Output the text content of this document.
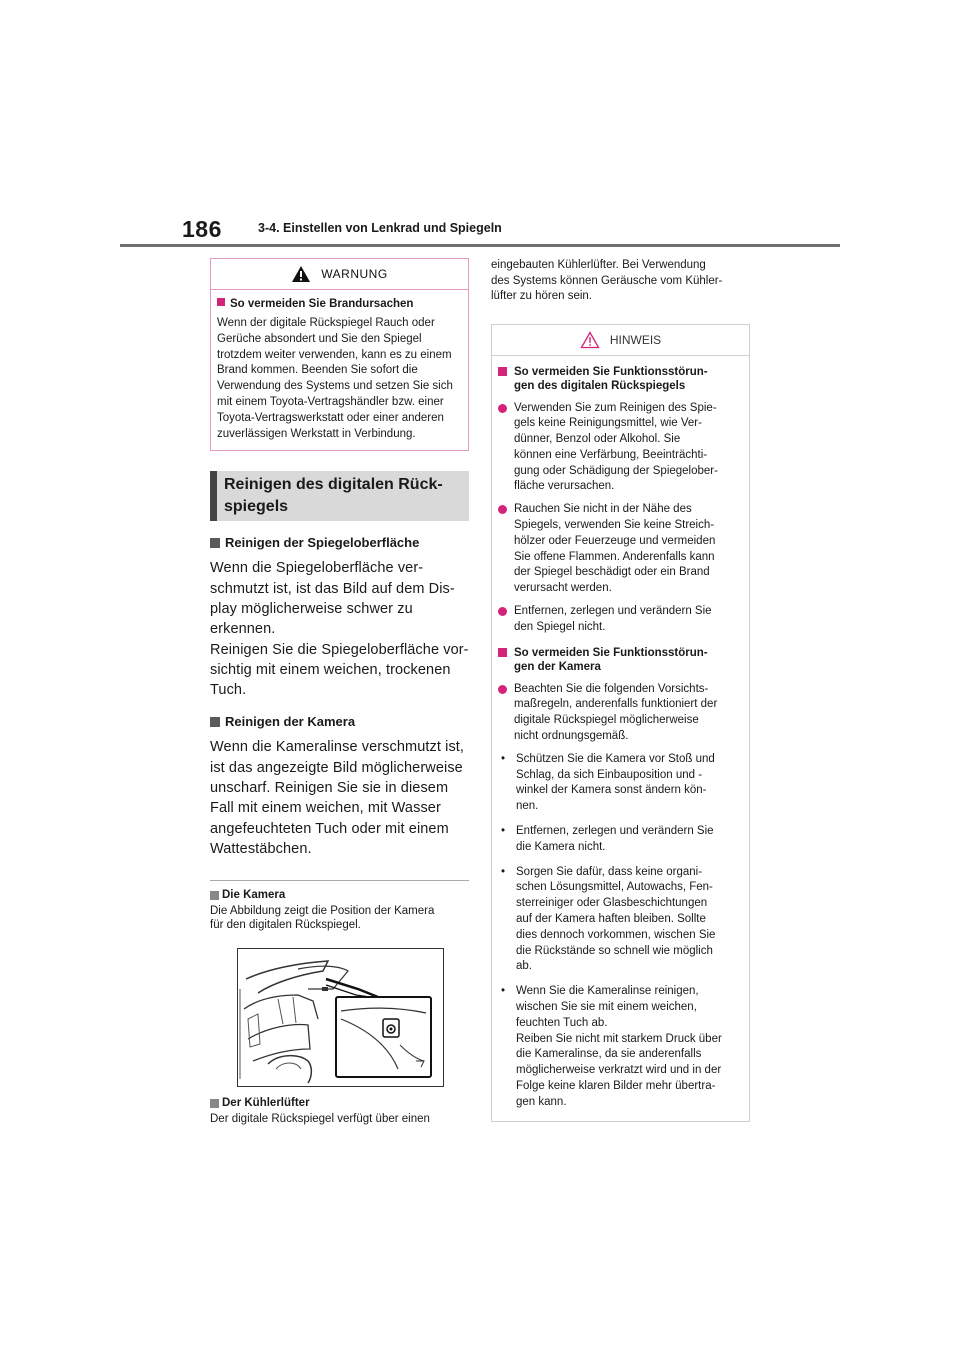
186	3-4. Einstellen von Lenkrad und Spiegeln
WARNUNG
So vermeiden Sie Brandursachen

Wenn der digitale Rückspiegel Rauch oder Gerüche absondert und Sie den Spiegel trotzdem weiter verwenden, kann es zu einem Brand kommen. Beenden Sie sofort die Verwendung des Systems und setzen Sie sich mit einem Toyota-Vertragshändler bzw. einer Toyota-Vertragswerkstatt oder einer anderen zuverlässigen Werkstatt in Verbindung.

Reinigen des digitalen Rück-
spiegels
Reinigen der Spiegeloberfläche

Wenn die Spiegeloberfläche ver-
schmutzt ist, ist das Bild auf dem Dis-
play möglicherweise schwer zu
erkennen.
Reinigen Sie die Spiegeloberfläche vor-
sichtig mit einem weichen, trockenen
Tuch.

Reinigen der Kamera

Wenn die Kameralinse verschmutzt ist,
ist das angezeigte Bild möglicherweise
unscharf. Reinigen Sie sie in diesem
Fall mit einem weichen, mit Wasser
angefeuchteten Tuch oder mit einem
Wattestäbchen.

Die Kamera

Die Abbildung zeigt die Position der Kamera
für den digitalen Rückspiegel.

Der Kühlerlüfter

Der digitale Rückspiegel verfügt über einen

eingebauten Kühlerlüfter. Bei Verwendung
des Systems können Geräusche vom Kühler-
lüfter zu hören sein.

HINWEIS
So vermeiden Sie Funktionsstörun-
gen des digitalen Rückspiegels
Verwenden Sie zum Reinigen des Spie-
gels keine Reinigungsmittel, wie Ver-
dünner, Benzol oder Alkohol. Sie
können eine Verfärbung, Beeinträchti-
gung oder Schädigung der Spiegelober-
fläche verursachen.
Rauchen Sie nicht in der Nähe des
Spiegels, verwenden Sie keine Streich-
hölzer oder Feuerzeuge und vermeiden
Sie offene Flammen. Anderenfalls kann
der Spiegel beschädigt oder ein Brand
verursacht werden.
Entfernen, zerlegen und verändern Sie
den Spiegel nicht.
So vermeiden Sie Funktionsstörun-
gen der Kamera
Beachten Sie die folgenden Vorsichts-
maßregeln, anderenfalls funktioniert der
digitale Rückspiegel möglicherweise
nicht ordnungsgemäß.
• Schützen Sie die Kamera vor Stoß und
Schlag, da sich Einbauposition und -
winkel der Kamera sonst ändern kön-
nen.
• Entfernen, zerlegen und verändern Sie
die Kamera nicht.
• Sorgen Sie dafür, dass keine organi-
schen Lösungsmittel, Autowachs, Fen-
sterreiniger oder Glasbeschichtungen
auf der Kamera haften bleiben. Sollte
dies dennoch vorkommen, wischen Sie
die Rückstände so schnell wie möglich
ab.
• Wenn Sie die Kameralinse reinigen,
wischen Sie sie mit einem weichen,
feuchten Tuch ab.
Reiben Sie nicht mit starkem Druck über
die Kameralinse, da sie anderenfalls
möglicherweise verkratzt wird und in der
Folge keine klaren Bilder mehr übertra-
gen kann.
